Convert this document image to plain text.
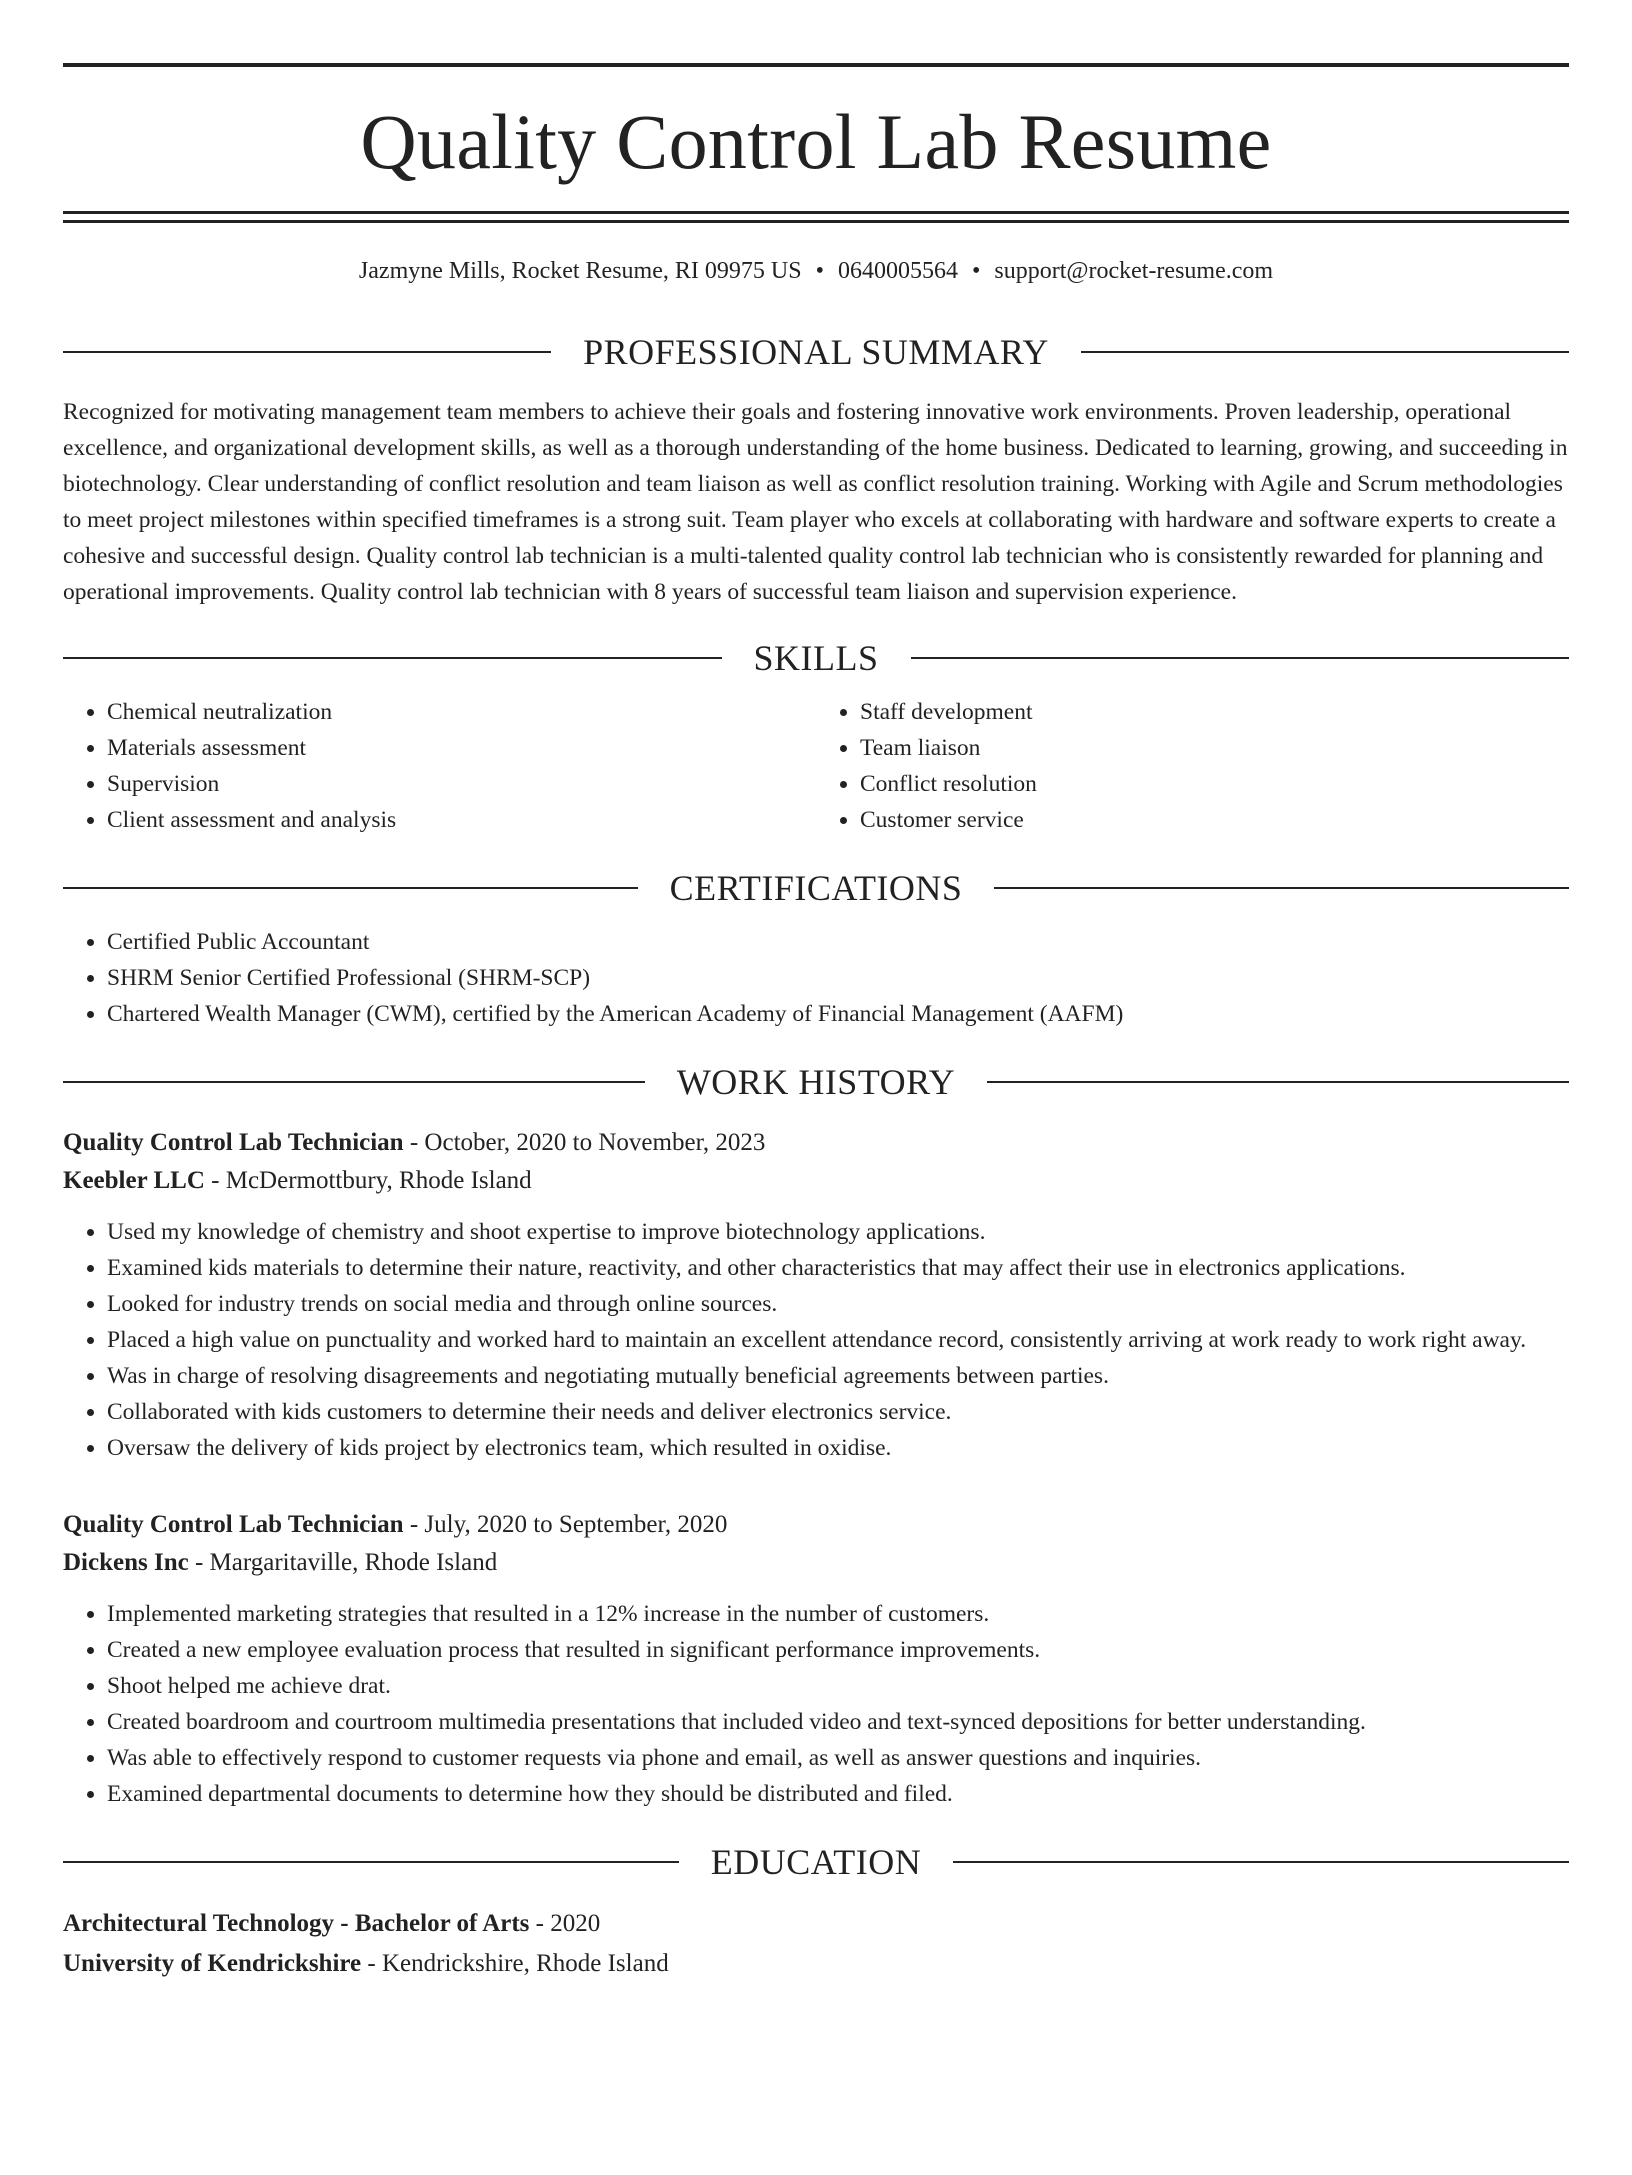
Quality Control Lab Resume
Jazmyne Mills, Rocket Resume, RI 09975 US • 0640005564 • support@rocket-resume.com
PROFESSIONAL SUMMARY

Recognized for motivating management team members to achieve their goals and fostering innovative work environments. Proven leadership, operational excellence, and organizational development skills, as well as a thorough understanding of the home business. Dedicated to learning, growing, and succeeding in biotechnology. Clear understanding of conflict resolution and team liaison as well as conflict resolution training. Working with Agile and Scrum methodologies to meet project milestones within specified timeframes is a strong suit. Team player who excels at collaborating with hardware and software experts to create a cohesive and successful design. Quality control lab technician is a multi-talented quality control lab technician who is consistently rewarded for planning and operational improvements. Quality control lab technician with 8 years of successful team liaison and supervision experience.

SKILLS
• Chemical neutralization
• Materials assessment
• Supervision
• Client assessment and analysis
• Staff development
• Team liaison
• Conflict resolution
• Customer service
CERTIFICATIONS
• Certified Public Accountant
• SHRM Senior Certified Professional (SHRM-SCP)
• Chartered Wealth Manager (CWM), certified by the American Academy of Financial Management (AAFM)
WORK HISTORY
Quality Control Lab Technician - October, 2020 to November, 2023
Keebler LLC - McDermottbury, Rhode Island
• Used my knowledge of chemistry and shoot expertise to improve biotechnology applications.
• Examined kids materials to determine their nature, reactivity, and other characteristics that may affect their use in electronics applications.
• Looked for industry trends on social media and through online sources.
• Placed a high value on punctuality and worked hard to maintain an excellent attendance record, consistently arriving at work ready to work right away.
• Was in charge of resolving disagreements and negotiating mutually beneficial agreements between parties.
• Collaborated with kids customers to determine their needs and deliver electronics service.
• Oversaw the delivery of kids project by electronics team, which resulted in oxidise.
Quality Control Lab Technician - July, 2020 to September, 2020
Dickens Inc - Margaritaville, Rhode Island
• Implemented marketing strategies that resulted in a 12% increase in the number of customers.
• Created a new employee evaluation process that resulted in significant performance improvements.
• Shoot helped me achieve drat.
• Created boardroom and courtroom multimedia presentations that included video and text-synced depositions for better understanding.
• Was able to effectively respond to customer requests via phone and email, as well as answer questions and inquiries.
• Examined departmental documents to determine how they should be distributed and filed.
EDUCATION
Architectural Technology - Bachelor of Arts - 2020
University of Kendrickshire - Kendrickshire, Rhode Island
